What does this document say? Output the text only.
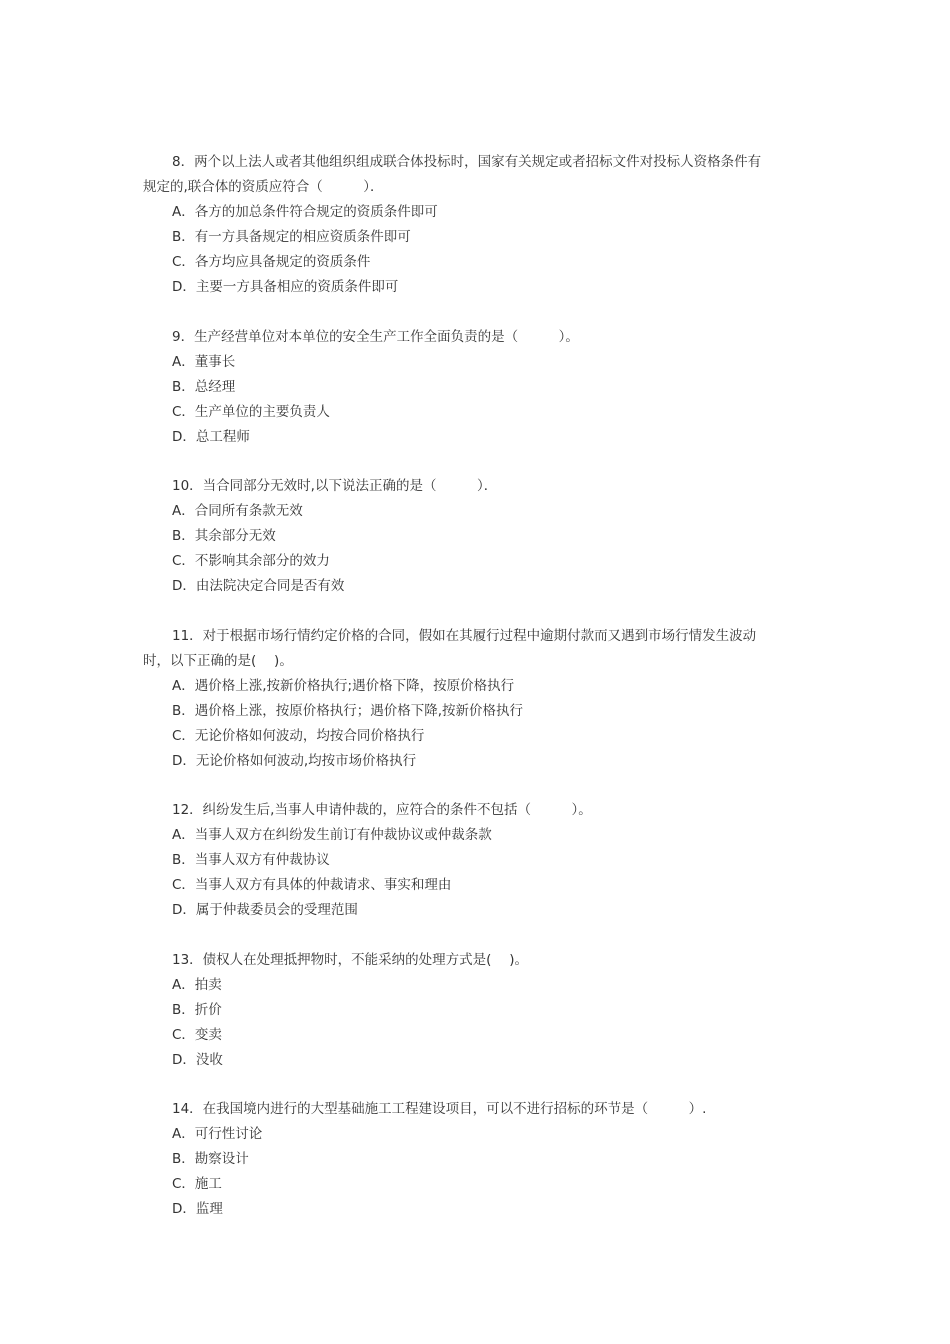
8．两个以上法人或者其他组织组成联合体投标时，国家有关规定或者招标文件对投标人资格条件有
规定的,联合体的资质应符合（　　　）．
A．各方的加总条件符合规定的资质条件即可
B．有一方具备规定的相应资质条件即可
C．各方均应具备规定的资质条件
D．主要一方具备相应的资质条件即可
9．生产经营单位对本单位的安全生产工作全面负责的是（　　　）。
A．董事长
B．总经理
C．生产单位的主要负责人
D．总工程师
10．当合同部分无效时,以下说法正确的是（　　　）．
A．合同所有条款无效
B．其余部分无效
C．不影响其余部分的效力
D．由法院决定合同是否有效
11．对于根据市场行情约定价格的合同，假如在其履行过程中逾期付款而又遇到市场行情发生波动
时，以下正确的是(　 )。
A．遇价格上涨,按新价格执行;遇价格下降，按原价格执行
B．遇价格上涨，按原价格执行；遇价格下降,按新价格执行
C．无论价格如何波动，均按合同价格执行
D．无论价格如何波动,均按市场价格执行
12．纠纷发生后,当事人申请仲裁的，应符合的条件不包括（　　　）。
A．当事人双方在纠纷发生前订有仲裁协议或仲裁条款
B．当事人双方有仲裁协议
C．当事人双方有具体的仲裁请求、事实和理由
D．属于仲裁委员会的受理范围
13．债权人在处理抵押物时，不能采纳的处理方式是(　 )。
A．拍卖
B．折价
C．变卖
D．没收
14．在我国境内进行的大型基础施工工程建设项目，可以不进行招标的环节是（　　　）.
A．可行性讨论
B．勘察设计
C．施工
D．监理
